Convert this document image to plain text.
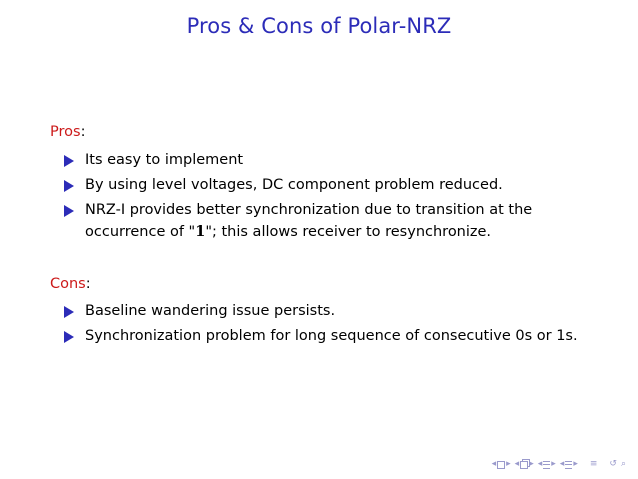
Pros & Cons of Polar-NRZ
Pros:
Its easy to implement
By using level voltages, DC component problem reduced.
NRZ-I provides better synchronization due to transition at the occurrence of "1"; this allows receiver to resynchronize.
Cons:
Baseline wandering issue persists.
Synchronization problem for long sequence of consecutive 0s or 1s.
◂ ▸ ◂ ▸ ◂ ▸ ◂ ▸ ≡ ↺ ⌕
